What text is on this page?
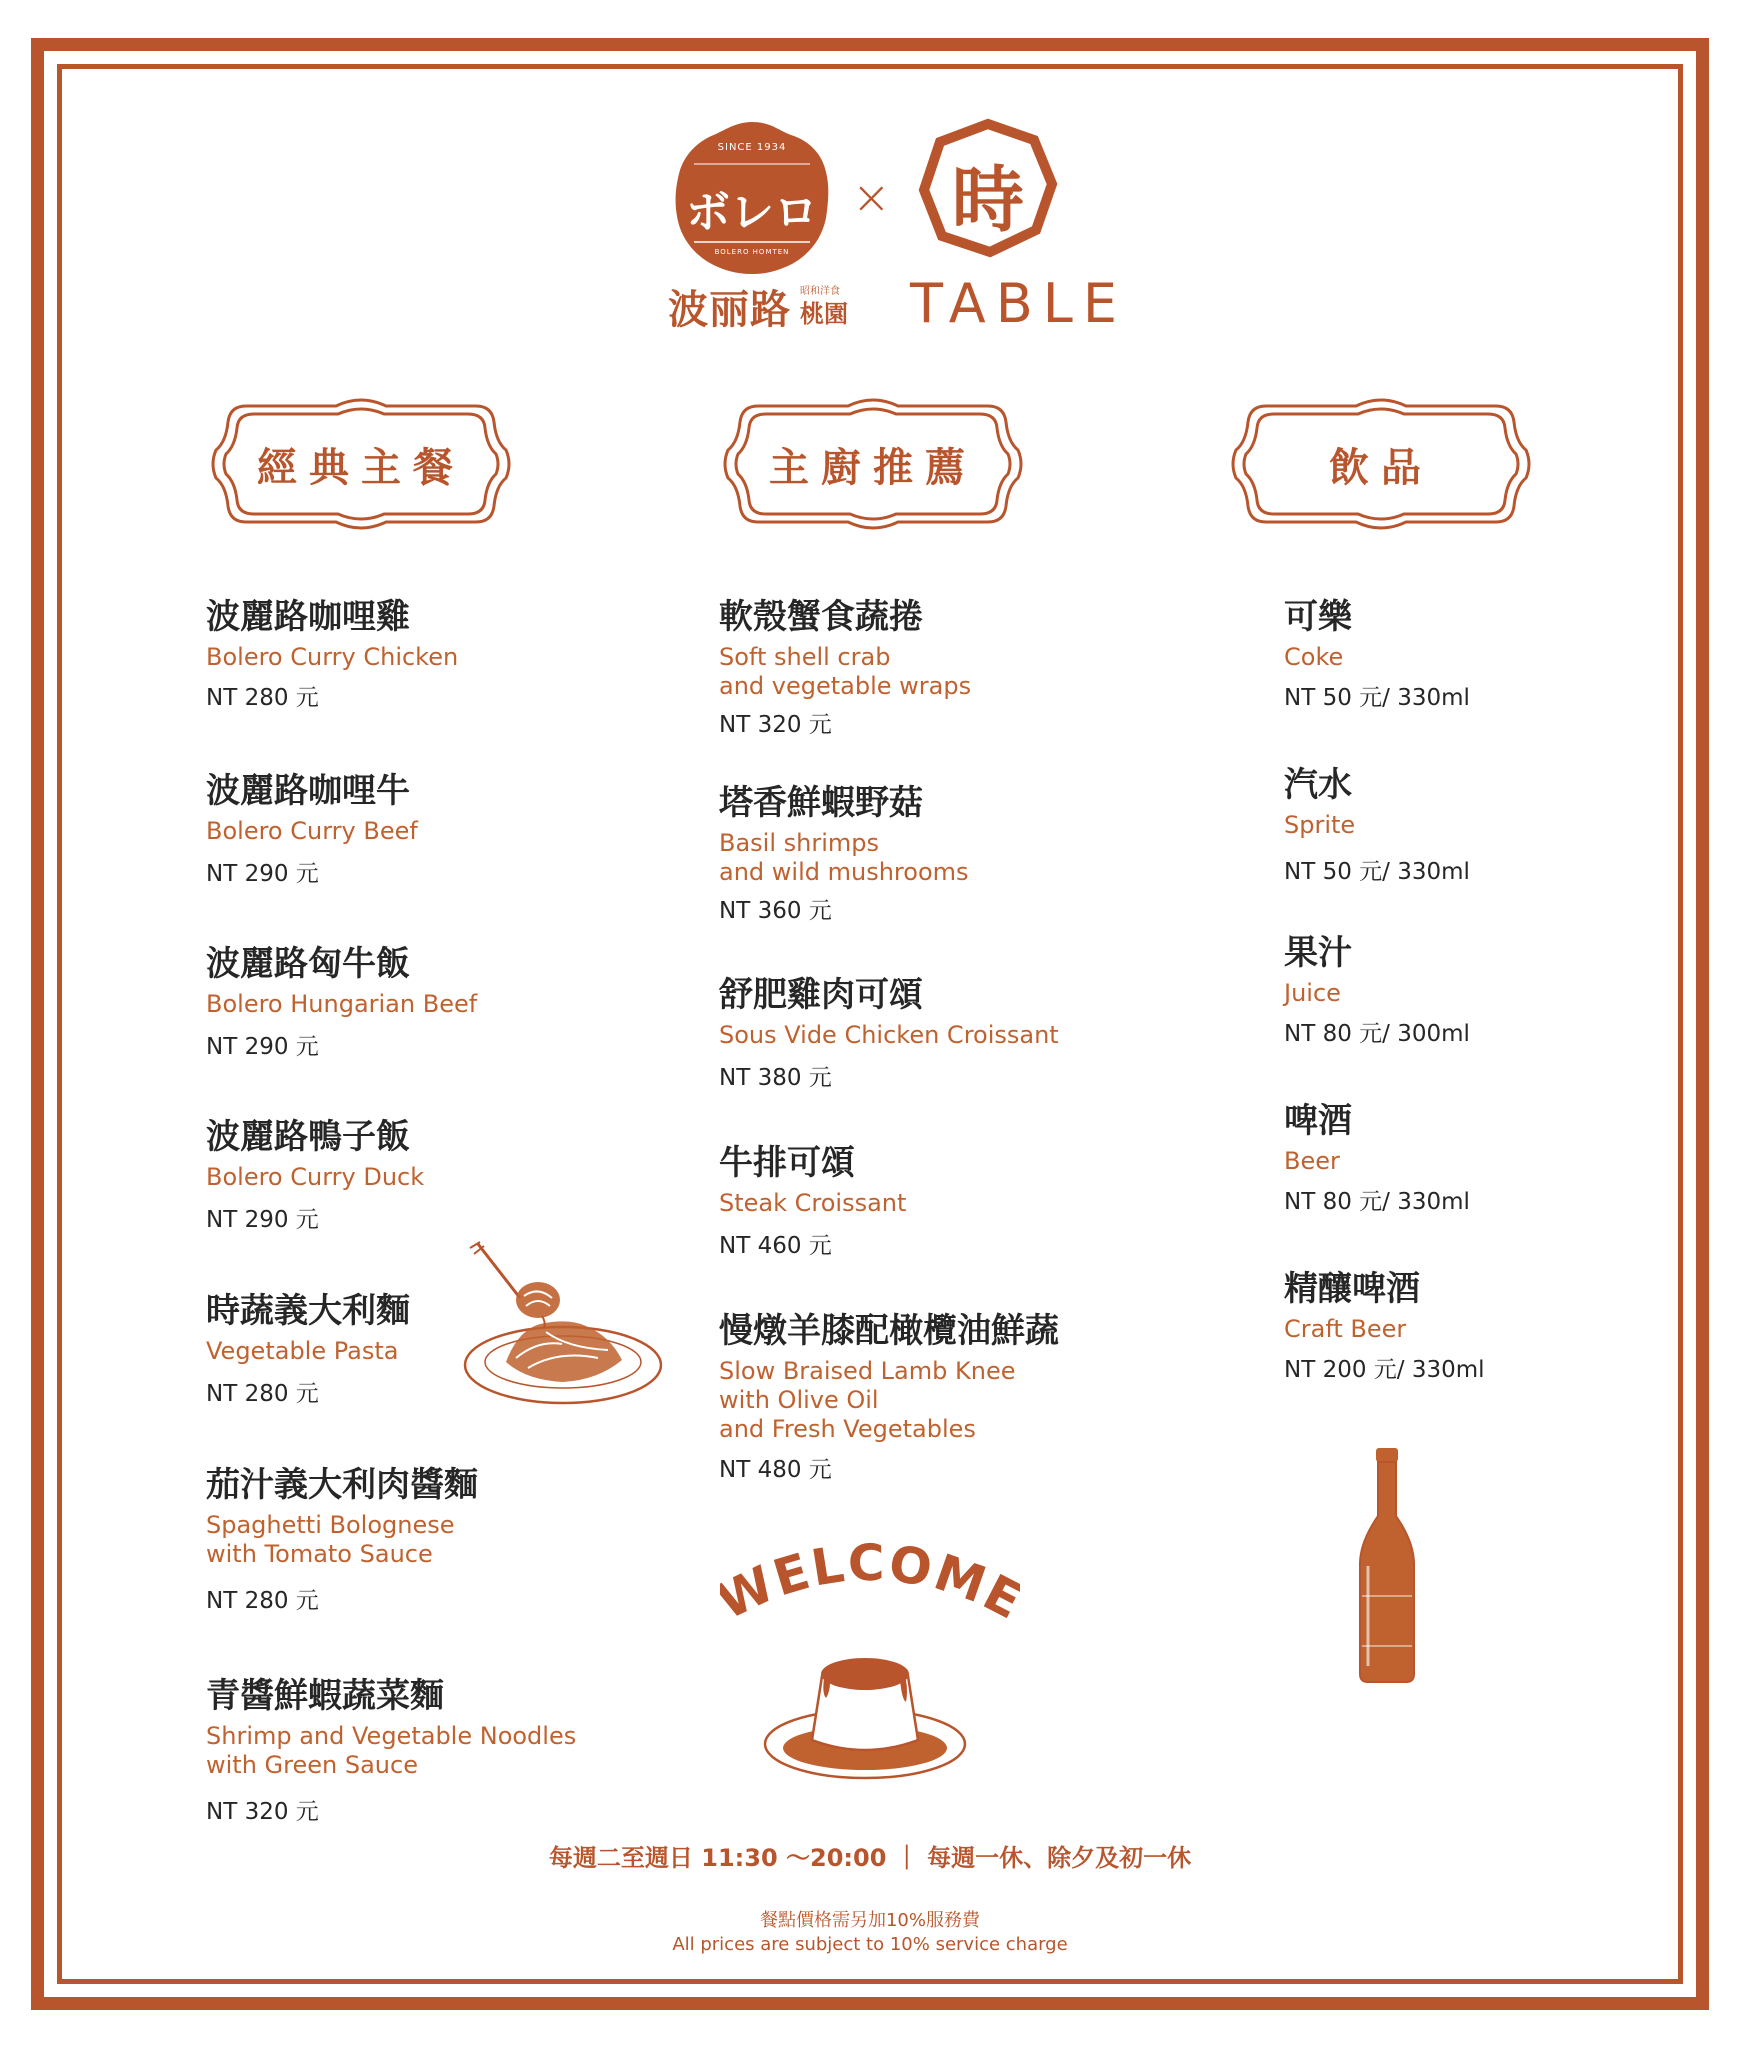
SINCE 1934
ボレロ
BOLERO HOMTEN
波丽路 昭和洋食
桃園
× 時
TABLE
經典主餐	主廚推薦	飲品
波麗路咖哩雞
Bolero Curry Chicken
NT 280 元
波麗路咖哩牛
Bolero Curry Beef
NT 290 元
波麗路匈牛飯
Bolero Hungarian Beef
NT 290 元
波麗路鴨子飯
Bolero Curry Duck
NT 290 元
時蔬義大利麵
Vegetable Pasta
NT 280 元
茄汁義大利肉醬麵
Spaghetti Bolognese
with Tomato Sauce
NT 280 元
青醬鮮蝦蔬菜麵
Shrimp and Vegetable Noodles
with Green Sauce
NT 320 元
軟殼蟹食蔬捲
Soft shell crab
and vegetable wraps
NT 320 元
塔香鮮蝦野菇
Basil shrimps
and wild mushrooms
NT 360 元
舒肥雞肉可頌
Sous Vide Chicken Croissant
NT 380 元
牛排可頌
Steak Croissant
NT 460 元
慢燉羊膝配橄欖油鮮蔬
Slow Braised Lamb Knee
with Olive Oil
and Fresh Vegetables
NT 480 元
可樂
Coke
NT 50 元/ 330ml
汽水
Sprite
NT 50 元/ 330ml
果汁
Juice
NT 80 元/ 300ml
啤酒
Beer
NT 80 元/ 330ml
精釀啤酒
Craft Beer
NT 200 元/ 330ml
ELCOM
每週二至週日 11:30 ～20:00 ｜ 每週一休、除夕及初一休
餐點價格需另加10%服務費
All prices are subject to 10% service charge
